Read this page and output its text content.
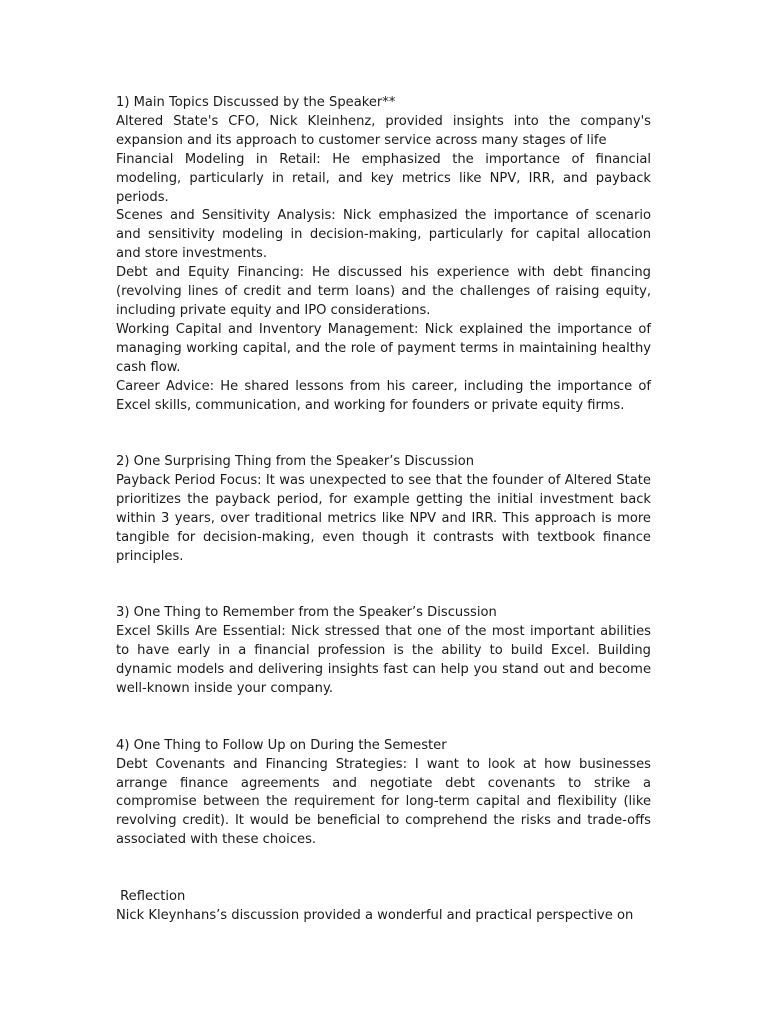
1) Main Topics Discussed by the Speaker**

Altered State's CFO, Nick Kleinhenz, provided insights into the company's expansion and its approach to customer service across many stages of life

Financial Modeling in Retail: He emphasized the importance of financial modeling, particularly in retail, and key metrics like NPV, IRR, and payback periods.

Scenes and Sensitivity Analysis: Nick emphasized the importance of scenario and sensitivity modeling in decision-making, particularly for capital allocation and store investments.

Debt and Equity Financing: He discussed his experience with debt financing (revolving lines of credit and term loans) and the challenges of raising equity, including private equity and IPO considerations.

Working Capital and Inventory Management: Nick explained the importance of managing working capital, and the role of payment terms in maintaining healthy cash flow.

Career Advice: He shared lessons from his career, including the importance of Excel skills, communication, and working for founders or private equity firms.

2) One Surprising Thing from the Speaker’s Discussion

Payback Period Focus: It was unexpected to see that the founder of Altered State prioritizes the payback period, for example getting the initial investment back within 3 years, over traditional metrics like NPV and IRR. This approach is more tangible for decision-making, even though it contrasts with textbook finance principles.

3) One Thing to Remember from the Speaker’s Discussion

Excel Skills Are Essential: Nick stressed that one of the most important abilities to have early in a financial profession is the ability to build Excel. Building dynamic models and delivering insights fast can help you stand out and become well-known inside your company.

4) One Thing to Follow Up on During the Semester

Debt Covenants and Financing Strategies: I want to look at how businesses arrange finance agreements and negotiate debt covenants to strike a compromise between the requirement for long-term capital and flexibility (like revolving credit). It would be beneficial to comprehend the risks and trade-offs associated with these choices.

Reflection

Nick Kleynhans’s discussion provided a wonderful and practical perspective on
